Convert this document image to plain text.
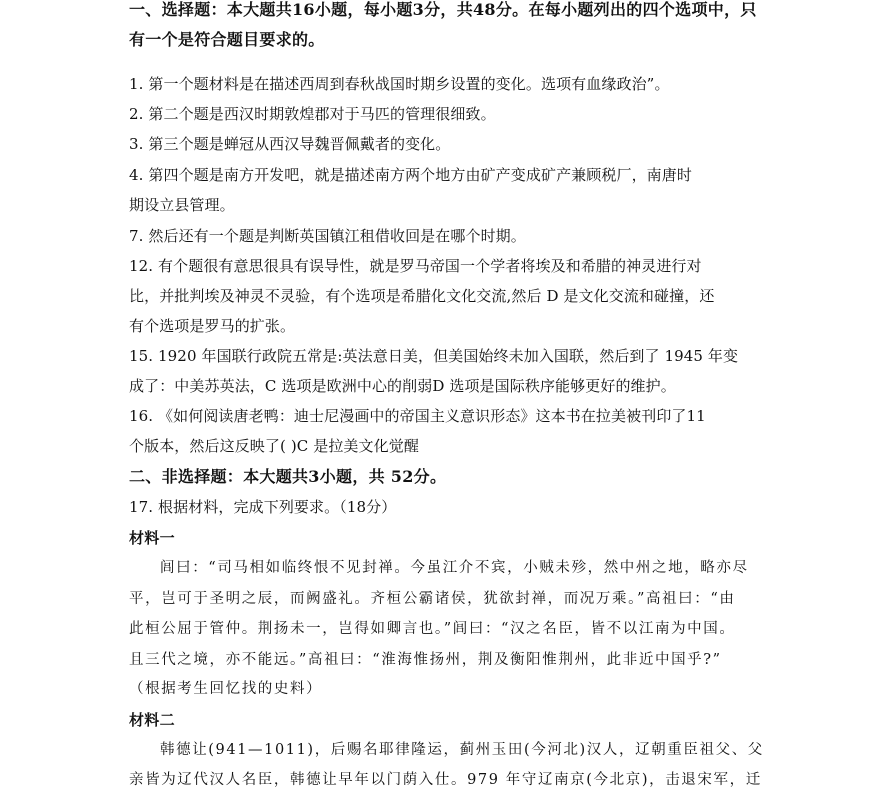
一、选择题：本大题共16小题，每小题3分，共48分。在每小题列出的四个选项中，只
有一个是符合题目要求的。
1. 第一个题材料是在描述西周到春秋战国时期乡设置的变化。选项有血缘政治”。
2. 第二个题是西汉时期敦煌郡对于马匹的管理很细致。
3. 第三个题是蝉冠从西汉导魏晋佩戴者的变化。
4. 第四个题是南方开发吧，就是描述南方两个地方由矿产变成矿产兼顾税厂，南唐时
期设立县管理。
7. 然后还有一个题是判断英国镇江租借收回是在哪个时期。
12. 有个题很有意思很具有误导性，就是罗马帝国一个学者将埃及和希腊的神灵进行对
比，并批判埃及神灵不灵验，有个选项是希腊化文化交流,然后 D 是文化交流和碰撞，还
有个选项是罗马的扩张。
15. 1920 年国联行政院五常是:英法意日美，但美国始终未加入国联，然后到了 1945 年变
成了：中美苏英法，C 选项是欧洲中心的削弱D 选项是国际秩序能够更好的维护。
16. 《如何阅读唐老鸭：迪士尼漫画中的帝国主义意识形态》这本书在拉美被刊印了11
个版本，然后这反映了( )C 是拉美文化觉醒
二、非选择题：本大题共3小题，共 52分。
17. 根据材料，完成下列要求。（18分）
材料一
闾曰：“司马相如临终恨不见封禅。今虽江介不宾，小贼未殄，然中州之地，略亦尽
平，岂可于圣明之辰，而阙盛礼。齐桓公霸诸侯，犹欲封禅，而况万乘。”高祖曰：“由
此桓公屈于管仲。荆扬未一，岂得如卿言也。”闾曰：“汉之名臣，皆不以江南为中国。
且三代之境，亦不能远。”高祖曰：“淮海惟扬州，荆及衡阳惟荆州，此非近中国乎?”
（根据考生回忆找的史料）
材料二
韩德让(941—1011)，后赐名耶律隆运，蓟州玉田(今河北)汉人，辽朝重臣祖父、父
亲皆为辽代汉人名臣，韩德让早年以门荫入仕。979 年守辽南京(今北京)，击退宋军，迁
